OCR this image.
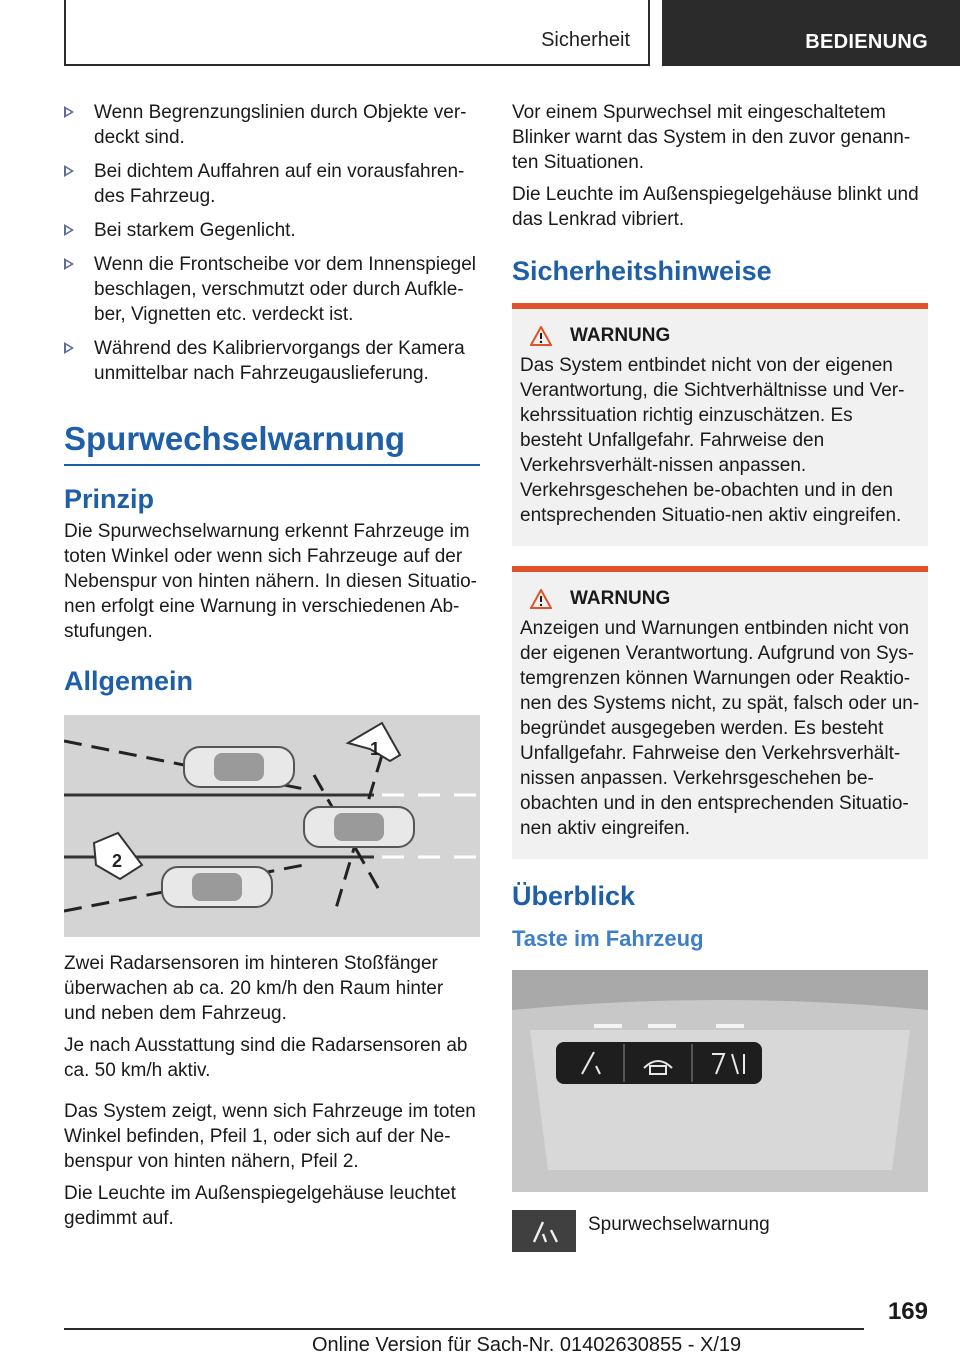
Sicherheit	BEDIENUNG
Wenn Begrenzungslinien durch Objekte ver‐deckt sind.
Bei dichtem Auffahren auf ein vorausfahren‐des Fahrzeug.
Bei starkem Gegenlicht.
Wenn die Frontscheibe vor dem Innenspiegel beschlagen, verschmutzt oder durch Aufkle‐ber, Vignetten etc. verdeckt ist.
Während des Kalibriervorgangs der Kamera unmittelbar nach Fahrzeugauslieferung.
Spurwechselwarnung
Prinzip

Die Spurwechselwarnung erkennt Fahrzeuge im toten Winkel oder wenn sich Fahrzeuge auf der Nebenspur von hinten nähern. In diesen Situatio‐nen erfolgt eine Warnung in verschiedenen Ab‐stufungen.

Allgemein
1
2

Zwei Radarsensoren im hinteren Stoßfänger überwachen ab ca. 20 km/h den Raum hinter und neben dem Fahrzeug.

Je nach Ausstattung sind die Radarsensoren ab ca. 50 km/h aktiv.

Das System zeigt, wenn sich Fahrzeuge im toten Winkel befinden, Pfeil 1, oder sich auf der Ne‐benspur von hinten nähern, Pfeil 2.

Die Leuchte im Außenspiegelgehäuse leuchtet gedimmt auf.

Vor einem Spurwechsel mit eingeschaltetem Blinker warnt das System in den zuvor genann‐ten Situationen.

Die Leuchte im Außenspiegelgehäuse blinkt und das Lenkrad vibriert.

Sicherheitshinweise
WARNUNG

Das System entbindet nicht von der eigenen Verantwortung, die Sichtverhältnisse und Ver‐kehrssituation richtig einzuschätzen. Es besteht Unfallgefahr. Fahrweise den Verkehrsverhält‐nissen anpassen. Verkehrsgeschehen be‐obachten und in den entsprechenden Situatio‐nen aktiv eingreifen.

WARNUNG

Anzeigen und Warnungen entbinden nicht von der eigenen Verantwortung. Aufgrund von Sys‐temgrenzen können Warnungen oder Reaktio‐nen des Systems nicht, zu spät, falsch oder un‐begründet ausgegeben werden. Es besteht Unfallgefahr. Fahrweise den Verkehrsverhält‐nissen anpassen. Verkehrsgeschehen be‐obachten und in den entsprechenden Situatio‐nen aktiv eingreifen.

Überblick
Taste im Fahrzeug
Spurwechselwarnung
169
Online Version für Sach-Nr. 01402630855 - X/19
